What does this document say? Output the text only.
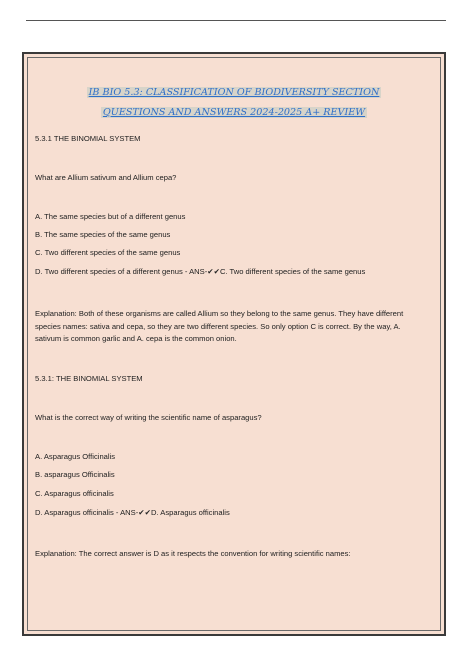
IB BIO 5.3: CLASSIFICATION OF BIODIVERSITY SECTION
QUESTIONS AND ANSWERS 2024-2025 A+ REVIEW
5.3.1 THE BINOMIAL SYSTEM
What are Allium sativum and Allium cepa?
A. The same species but of a different genus
B. The same species of the same genus
C. Two different species of the same genus
D. Two different species of a different genus - ANS-✔✔C. Two different species of the same genus
Explanation: Both of these organisms are called Allium so they belong to the same genus. They have different species names: sativa and cepa, so they are two different species. So only option C is correct. By the way, A. sativum is common garlic and A. cepa is the common onion.
5.3.1: THE BINOMIAL SYSTEM
What is the correct way of writing the scientific name of asparagus?
A. Asparagus Officinalis
B. asparagus Officinalis
C. Asparagus officinalis
D. Asparagus officinalis - ANS-✔✔D. Asparagus officinalis
Explanation: The correct answer is D as it respects the convention for writing scientific names:
